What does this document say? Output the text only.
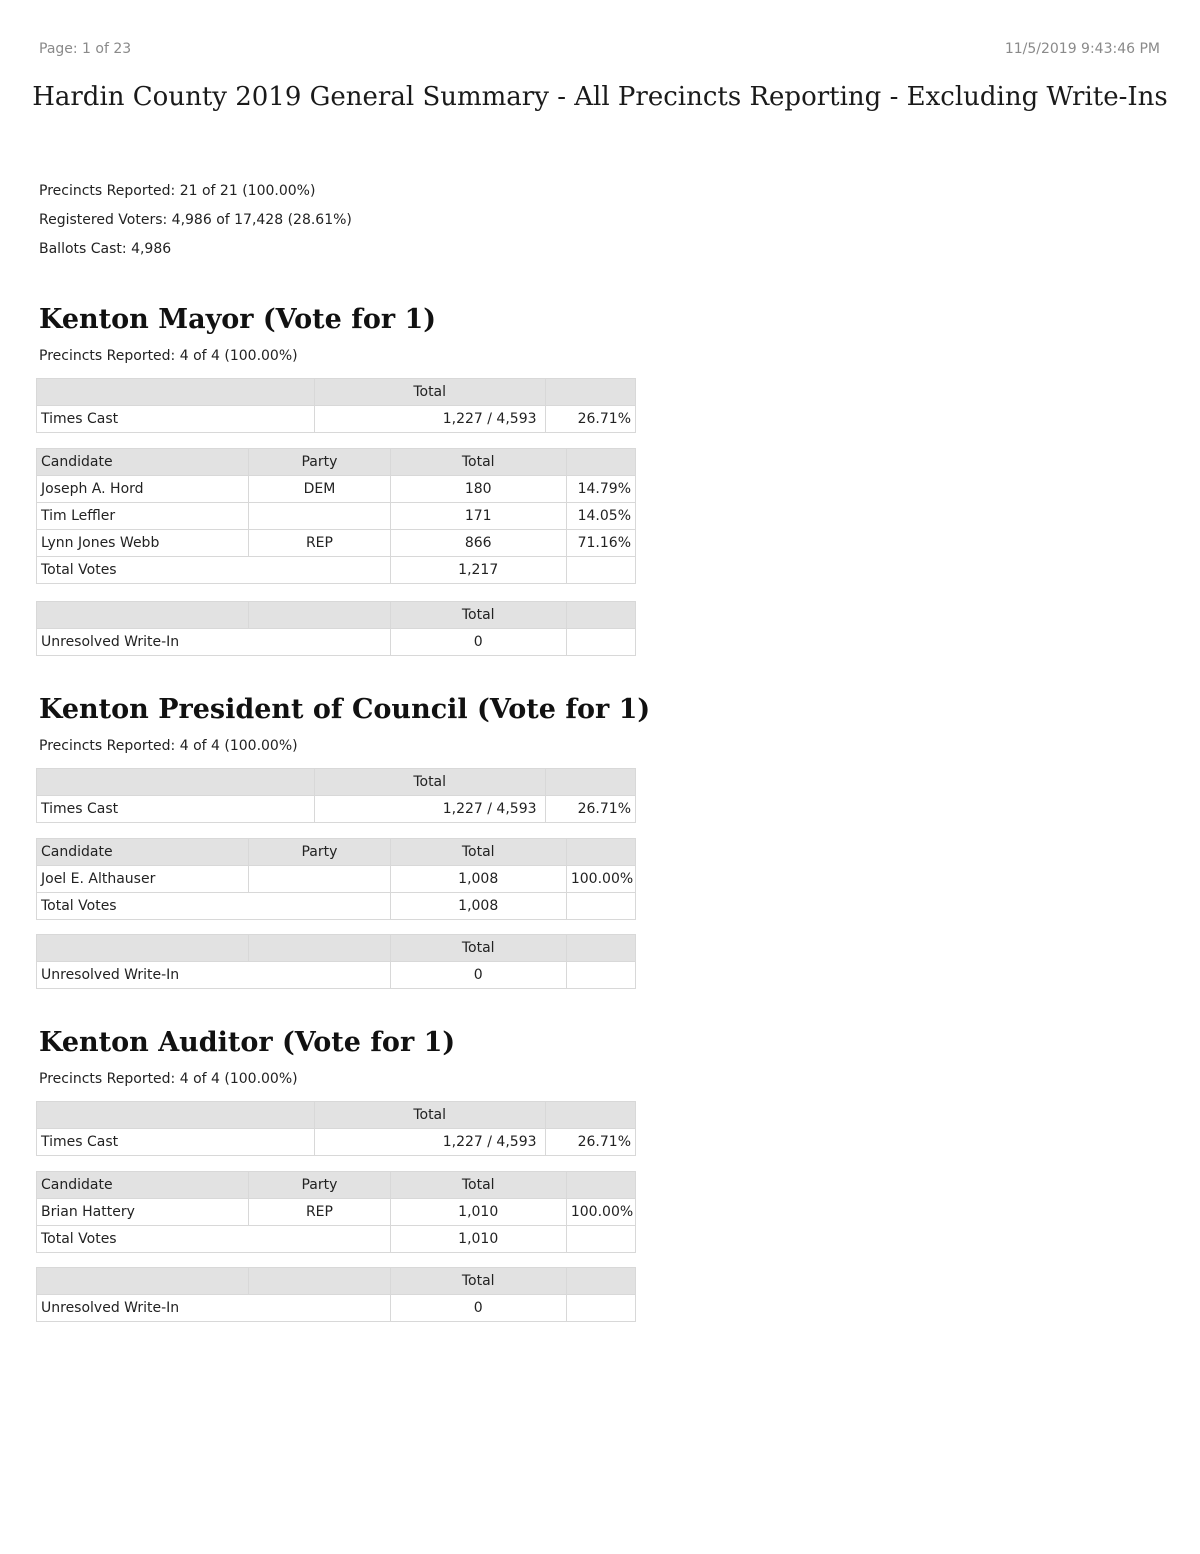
Page: 1 of 23	11/5/2019 9:43:46 PM
Hardin County 2019 General Summary - All Precincts Reporting - Excluding Write-Ins
Precincts Reported: 21 of 21 (100.00%)
Registered Voters: 4,986 of 17,428 (28.61%)
Ballots Cast: 4,986
Kenton Mayor (Vote for 1)
Precincts Reported: 4 of 4 (100.00%)
	Total	
Times Cast	1,227 / 4,593	26.71%
Candidate	Party	Total	
Joseph A. Hord	DEM	180	14.79%
Tim Leffler		171	14.05%
Lynn Jones Webb	REP	866	71.16%
Total Votes		1,217	
		Total	
Unresolved Write-In		0	
Kenton President of Council (Vote for 1)
Precincts Reported: 4 of 4 (100.00%)
	Total	
Times Cast	1,227 / 4,593	26.71%
Candidate	Party	Total	
Joel E. Althauser		1,008	100.00%
Total Votes		1,008	
		Total	
Unresolved Write-In		0	
Kenton Auditor (Vote for 1)
Precincts Reported: 4 of 4 (100.00%)
	Total	
Times Cast	1,227 / 4,593	26.71%
Candidate	Party	Total	
Brian Hattery	REP	1,010	100.00%
Total Votes		1,010	
		Total	
Unresolved Write-In		0	
